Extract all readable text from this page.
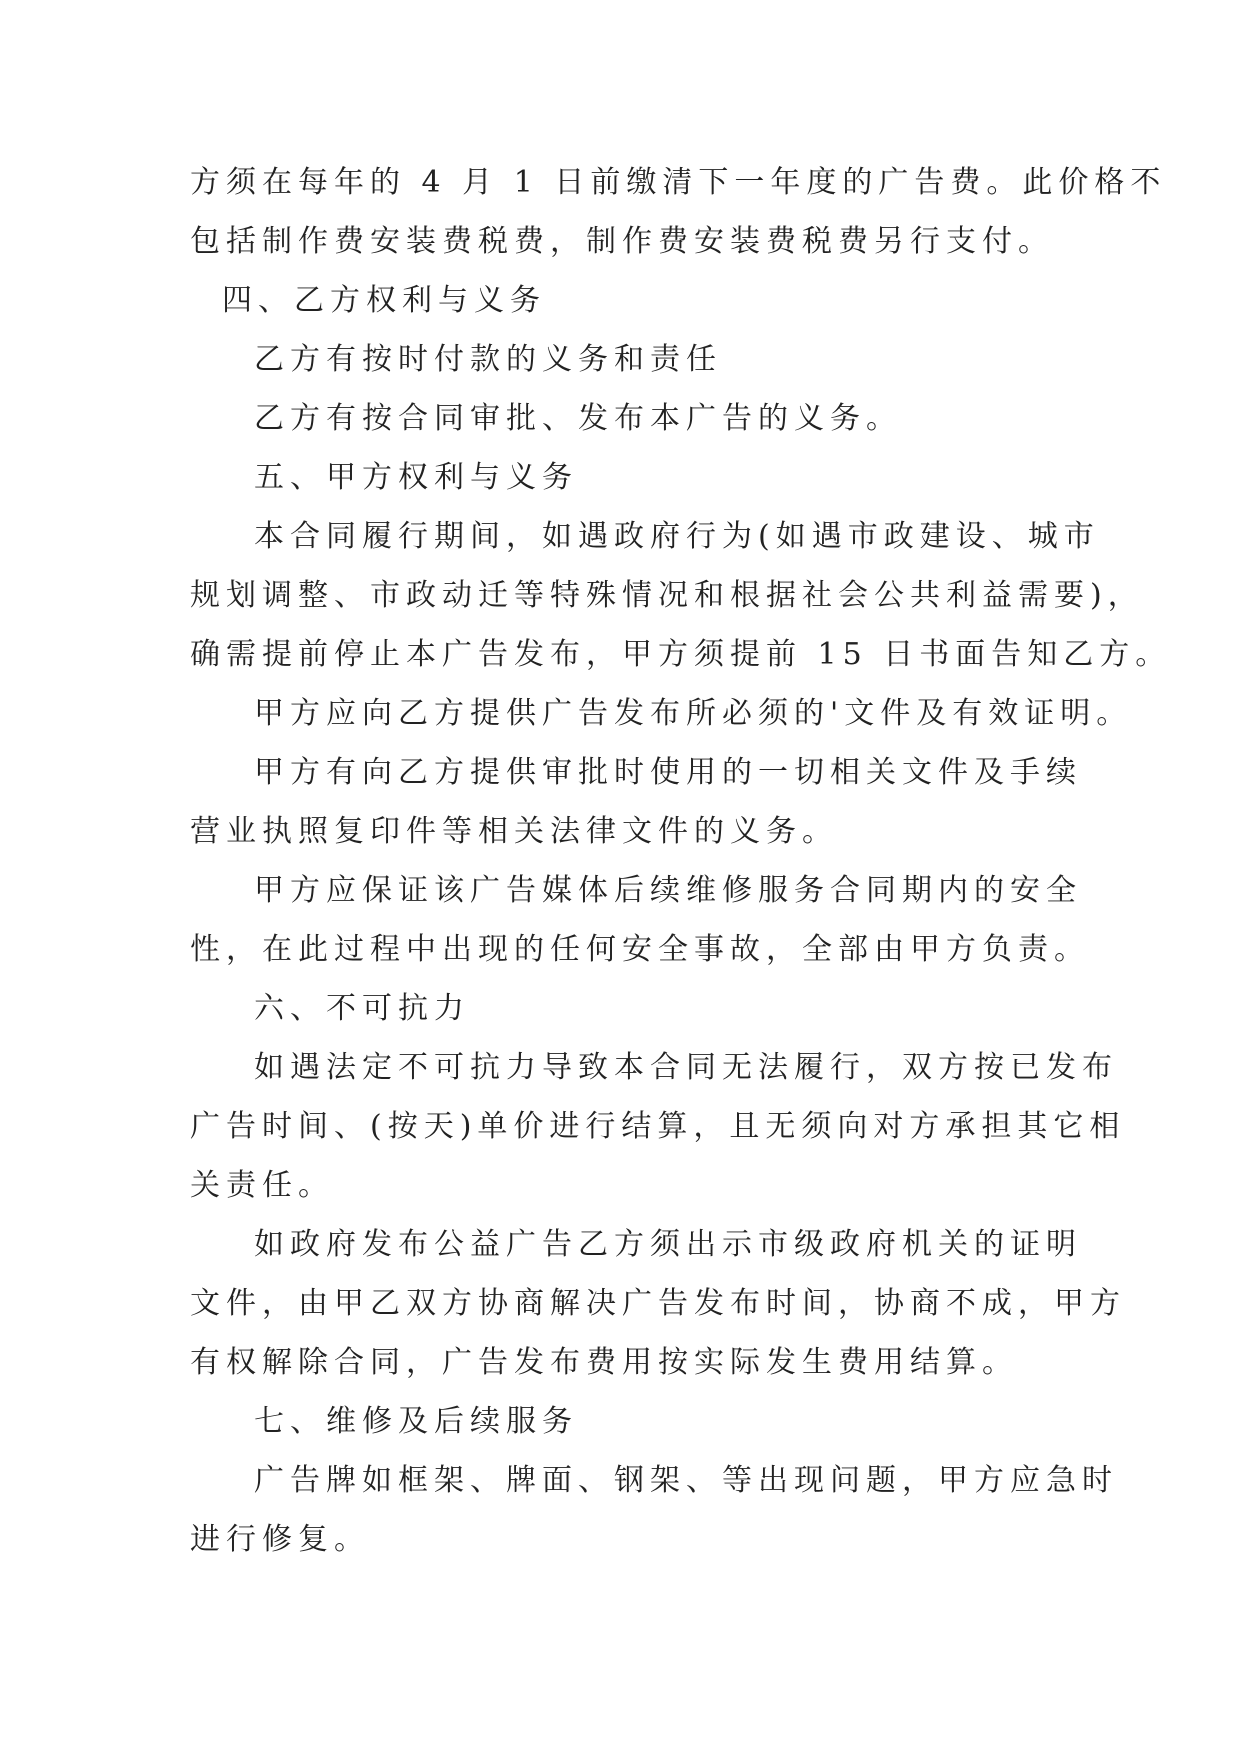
方须在每年的 4 月 1 日前缴清下一年度的广告费。此价格不

包括制作费安装费税费，制作费安装费税费另行支付。

四、乙方权利与义务

乙方有按时付款的义务和责任

乙方有按合同审批、发布本广告的义务。

五、甲方权利与义务

本合同履行期间，如遇政府行为(如遇市政建设、城市

规划调整、市政动迁等特殊情况和根据社会公共利益需要)，

确需提前停止本广告发布，甲方须提前 15 日书面告知乙方。

甲方应向乙方提供广告发布所必须的'文件及有效证明。

甲方有向乙方提供审批时使用的一切相关文件及手续

营业执照复印件等相关法律文件的义务。

甲方应保证该广告媒体后续维修服务合同期内的安全

性，在此过程中出现的任何安全事故，全部由甲方负责。

六、不可抗力

如遇法定不可抗力导致本合同无法履行，双方按已发布

广告时间、(按天)单价进行结算，且无须向对方承担其它相

关责任。

如政府发布公益广告乙方须出示市级政府机关的证明

文件，由甲乙双方协商解决广告发布时间，协商不成，甲方

有权解除合同，广告发布费用按实际发生费用结算。

七、维修及后续服务

广告牌如框架、牌面、钢架、等出现问题，甲方应急时

进行修复。
